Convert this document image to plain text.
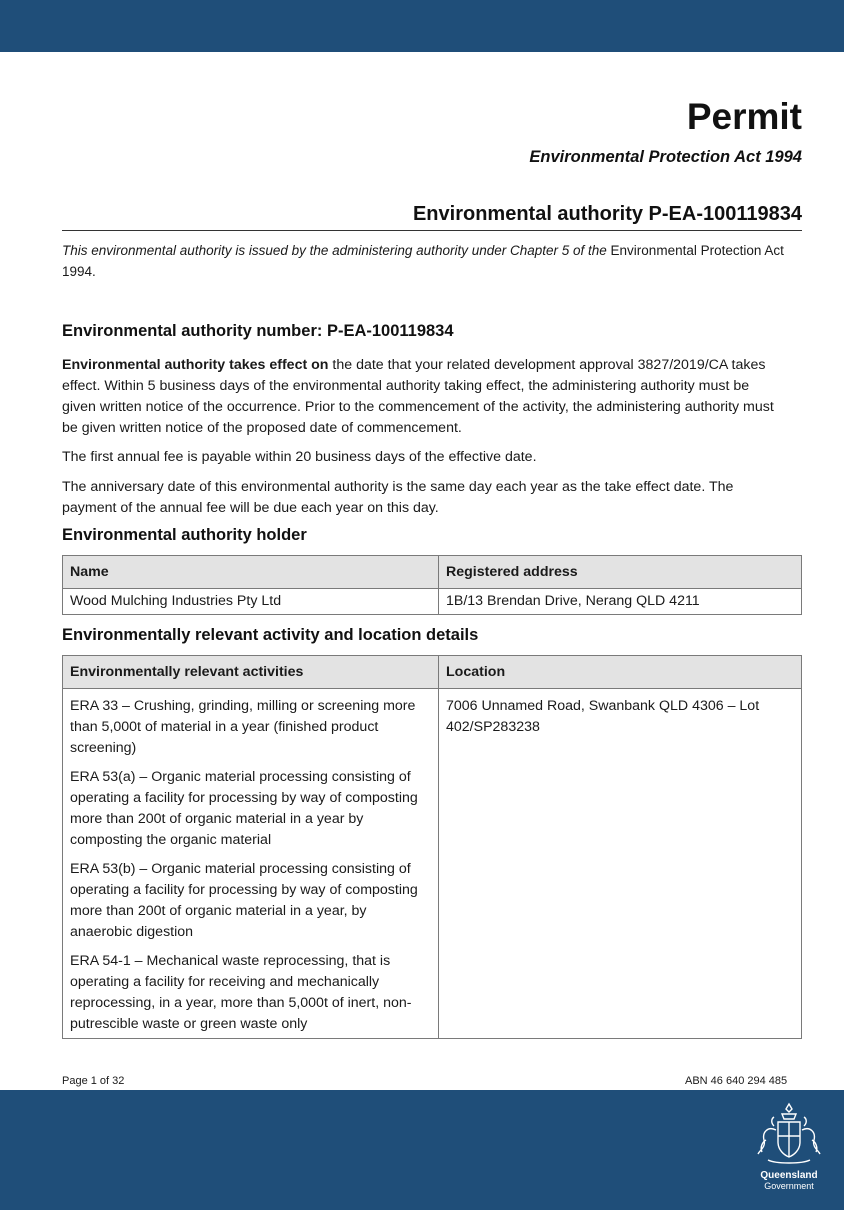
Permit
Environmental Protection Act 1994
Environmental authority P-EA-100119834

This environmental authority is issued by the administering authority under Chapter 5 of the Environmental Protection Act 1994.

Environmental authority number: P-EA-100119834

Environmental authority takes effect on the date that your related development approval 3827/2019/CA takes effect. Within 5 business days of the environmental authority taking effect, the administering authority must be given written notice of the occurrence. Prior to the commencement of the activity, the administering authority must be given written notice of the proposed date of commencement.

The first annual fee is payable within 20 business days of the effective date.

The anniversary date of this environmental authority is the same day each year as the take effect date. The payment of the annual fee will be due each year on this day.

Environmental authority holder
Name	Registered address
Wood Mulching Industries Pty Ltd	1B/13 Brendan Drive, Nerang QLD 4211
Environmentally relevant activity and location details
Environmentally relevant activities	Location

ERA 33 – Crushing, grinding, milling or screening more than 5,000t of material in a year (finished product screening)

ERA 53(a) – Organic material processing consisting of operating a facility for processing by way of composting more than 200t of organic material in a year by composting the organic material

ERA 53(b) – Organic material processing consisting of operating a facility for processing by way of composting more than 200t of organic material in a year, by anaerobic digestion

ERA 54-1 – Mechanical waste reprocessing, that is operating a facility for receiving and mechanically reprocessing, in a year, more than 5,000t of inert, non-putrescible waste or green waste only	7006 Unnamed Road, Swanbank QLD 4306 – Lot 402/SP283238
Page 1 of 32	ABN 46 640 294 485
Queensland
Government
